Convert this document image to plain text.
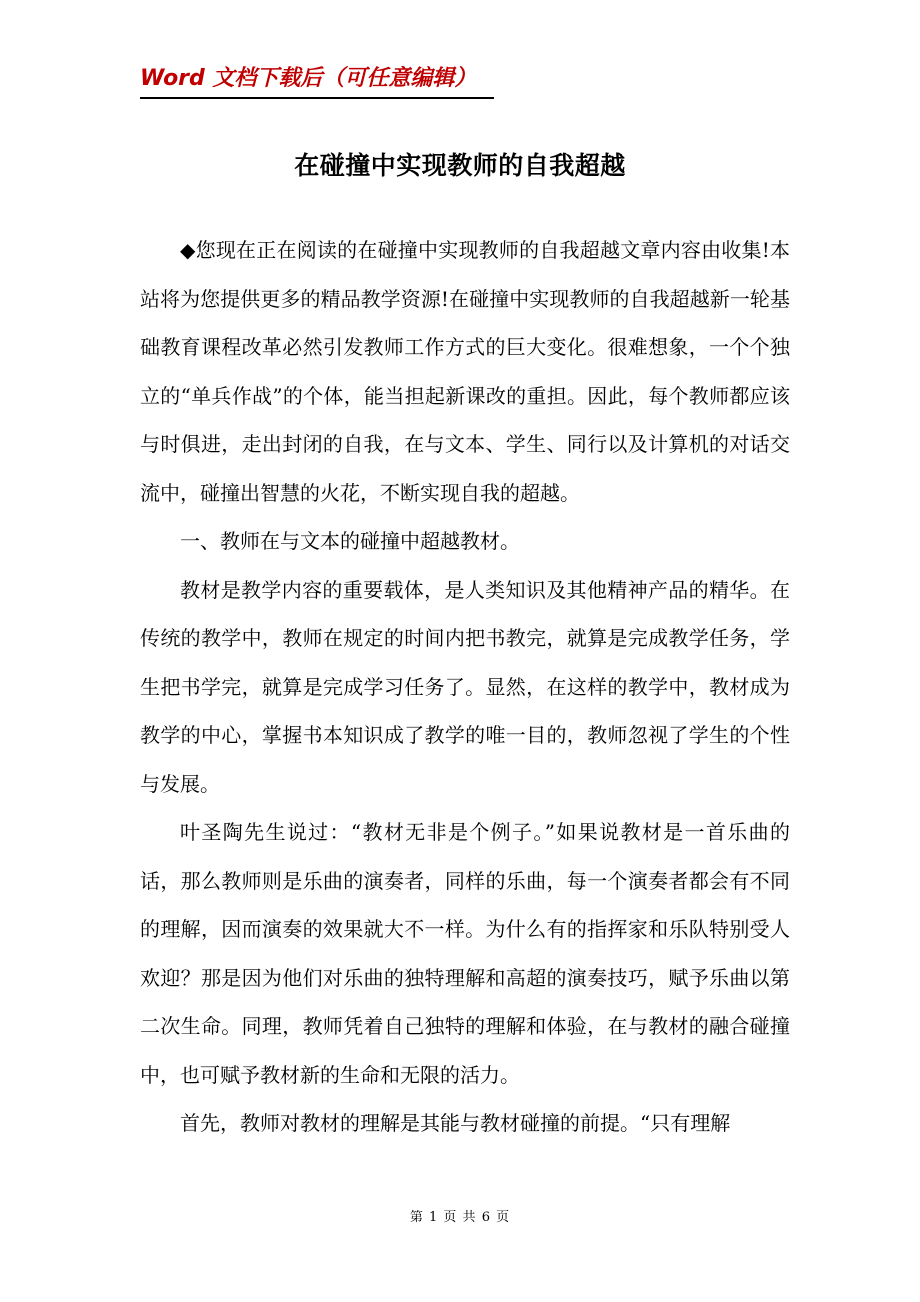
Word 文档下载后（可任意编辑）
在碰撞中实现教师的自我超越

◆您现在正在阅读的在碰撞中实现教师的自我超越文章内容由收集!本站将为您提供更多的精品教学资源!在碰撞中实现教师的自我超越新一轮基础教育课程改革必然引发教师工作方式的巨大变化。很难想象，一个个独立的“单兵作战”的个体，能当担起新课改的重担。因此，每个教师都应该与时俱进，走出封闭的自我，在与文本、学生、同行以及计算机的对话交流中，碰撞出智慧的火花，不断实现自我的超越。

一、教师在与文本的碰撞中超越教材。

教材是教学内容的重要载体，是人类知识及其他精神产品的精华。在传统的教学中，教师在规定的时间内把书教完，就算是完成教学任务，学生把书学完，就算是完成学习任务了。显然，在这样的教学中，教材成为教学的中心，掌握书本知识成了教学的唯一目的，教师忽视了学生的个性与发展。

叶圣陶先生说过：“教材无非是个例子。”如果说教材是一首乐曲的话，那么教师则是乐曲的演奏者，同样的乐曲，每一个演奏者都会有不同的理解，因而演奏的效果就大不一样。为什么有的指挥家和乐队特别受人欢迎？那是因为他们对乐曲的独特理解和高超的演奏技巧，赋予乐曲以第二次生命。同理，教师凭着自己独特的理解和体验，在与教材的融合碰撞中，也可赋予教材新的生命和无限的活力。

首先，教师对教材的理解是其能与教材碰撞的前提。“只有理解

第 1 页 共 6 页
